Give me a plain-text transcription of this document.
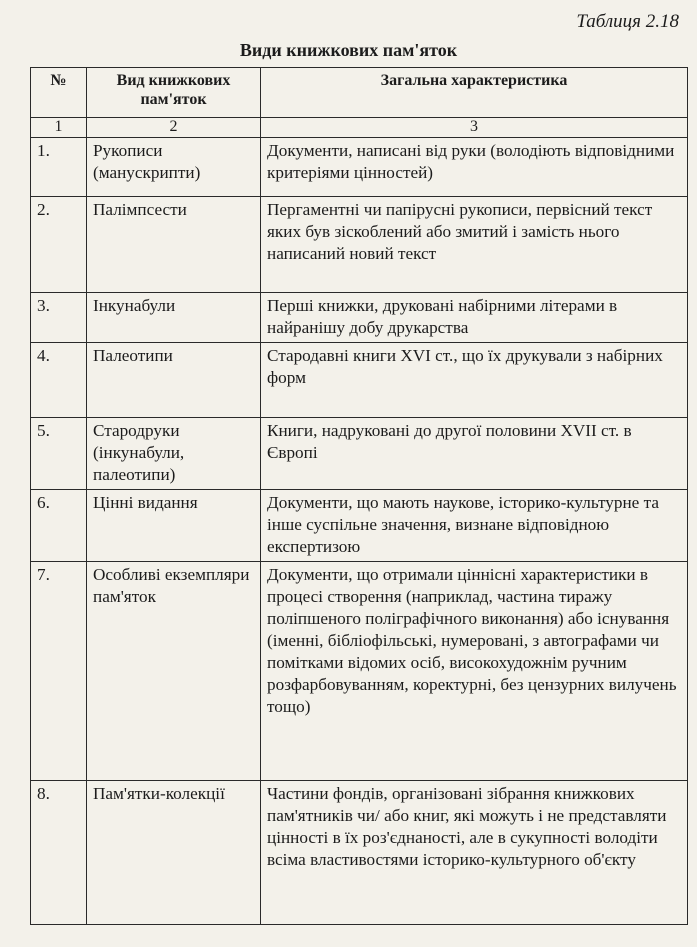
Таблиця 2.18
Види книжкових пам'яток
№	Вид книжкових пам'яток	Загальна характеристика
1	2	3
1.	Рукописи (манускрипти)	Документи, написані від руки (володіють відповідними критеріями цінностей)
2.	Палімпсести	Пергаментні чи папірусні рукописи, первісний текст яких був зіскоблений або змитий і замість нього написаний новий текст
3.	Інкунабули	Перші книжки, друковані набірними літерами в найранішу добу друкарства
4.	Палеотипи	Стародавні книги XVI ст., що їх друкували з набірних форм
5.	Стародруки (інкунабули, палеотипи)	Книги, надруковані до другої половини XVII ст. в Європі
6.	Цінні видання	Документи, що мають наукове, історико-культурне та інше суспільне значення, визнане відповідною експертизою
7.	Особливі екземпляри пам'яток	Документи, що отримали цінніснi характеристики в процесі створення (наприклад, частина тиражу поліпшеного поліграфічного виконання) або існування (іменні, бібліофільські, нумеровані, з автографами чи помітками відомих осіб, високохудожнім ручним розфарбовуванням, коректурні, без цензурних вилучень тощо)
8.	Пам'ятки-колекції	Частини фондів, організовані зібрання книжкових пам'ятників чи/ або книг, які можуть і не представляти цінності в їх роз'єднаності, але в сукупності володіти всіма властивостями історико-культурного об'єкту
